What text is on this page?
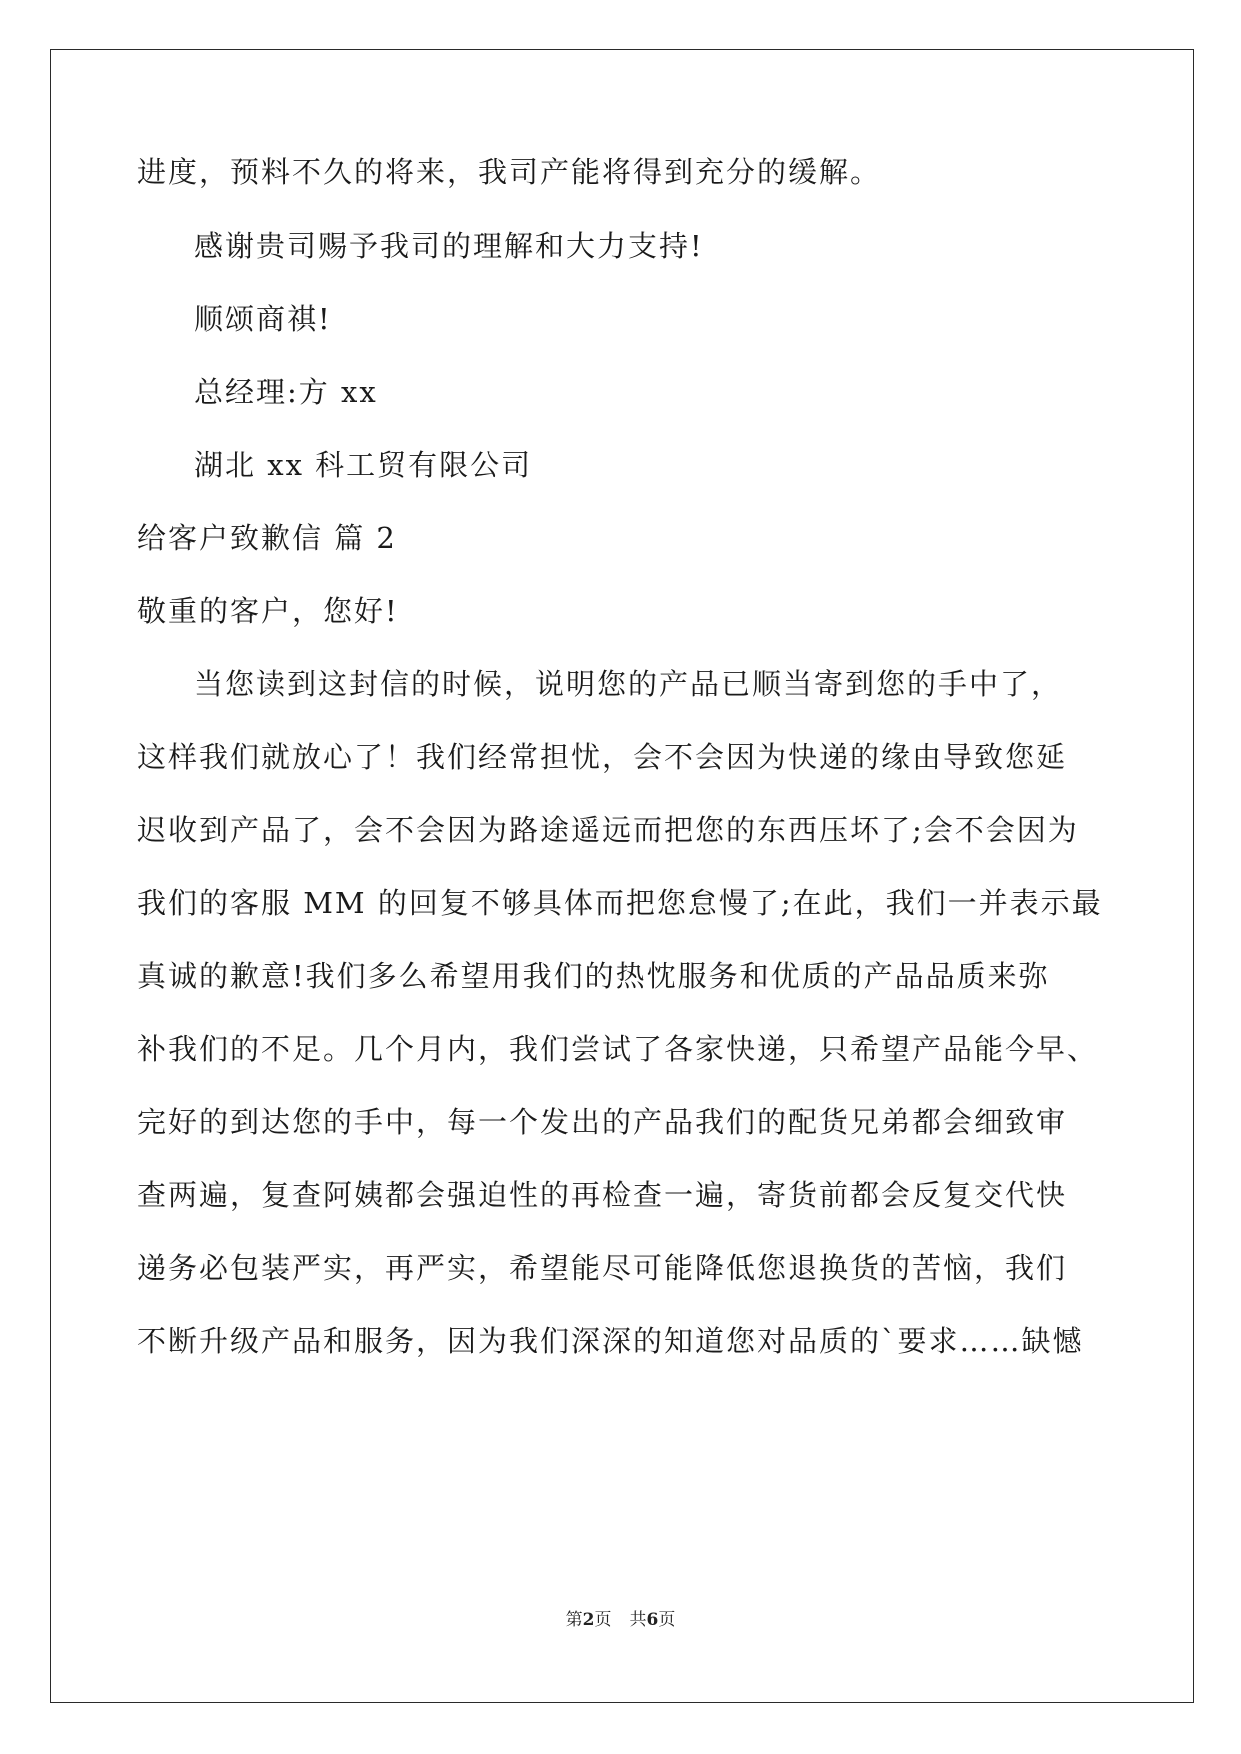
进度，预料不久的将来，我司产能将得到充分的缓解。
感谢贵司赐予我司的理解和大力支持!
顺颂商祺!
总经理:方 xx
湖北 xx 科工贸有限公司
给客户致歉信 篇 2
敬重的客户，您好!
当您读到这封信的时候，说明您的产品已顺当寄到您的手中了，
这样我们就放心了！我们经常担忧，会不会因为快递的缘由导致您延
迟收到产品了，会不会因为路途遥远而把您的东西压坏了;会不会因为
我们的客服 MM 的回复不够具体而把您怠慢了;在此，我们一并表示最
真诚的歉意!我们多么希望用我们的热忱服务和优质的产品品质来弥
补我们的不足。几个月内，我们尝试了各家快递，只希望产品能今早、
完好的到达您的手中，每一个发出的产品我们的配货兄弟都会细致审
查两遍，复查阿姨都会强迫性的再检查一遍，寄货前都会反复交代快
递务必包装严实，再严实，希望能尽可能降低您退换货的苦恼，我们
不断升级产品和服务，因为我们深深的知道您对品质的`要求……缺憾
第2页 共6页
